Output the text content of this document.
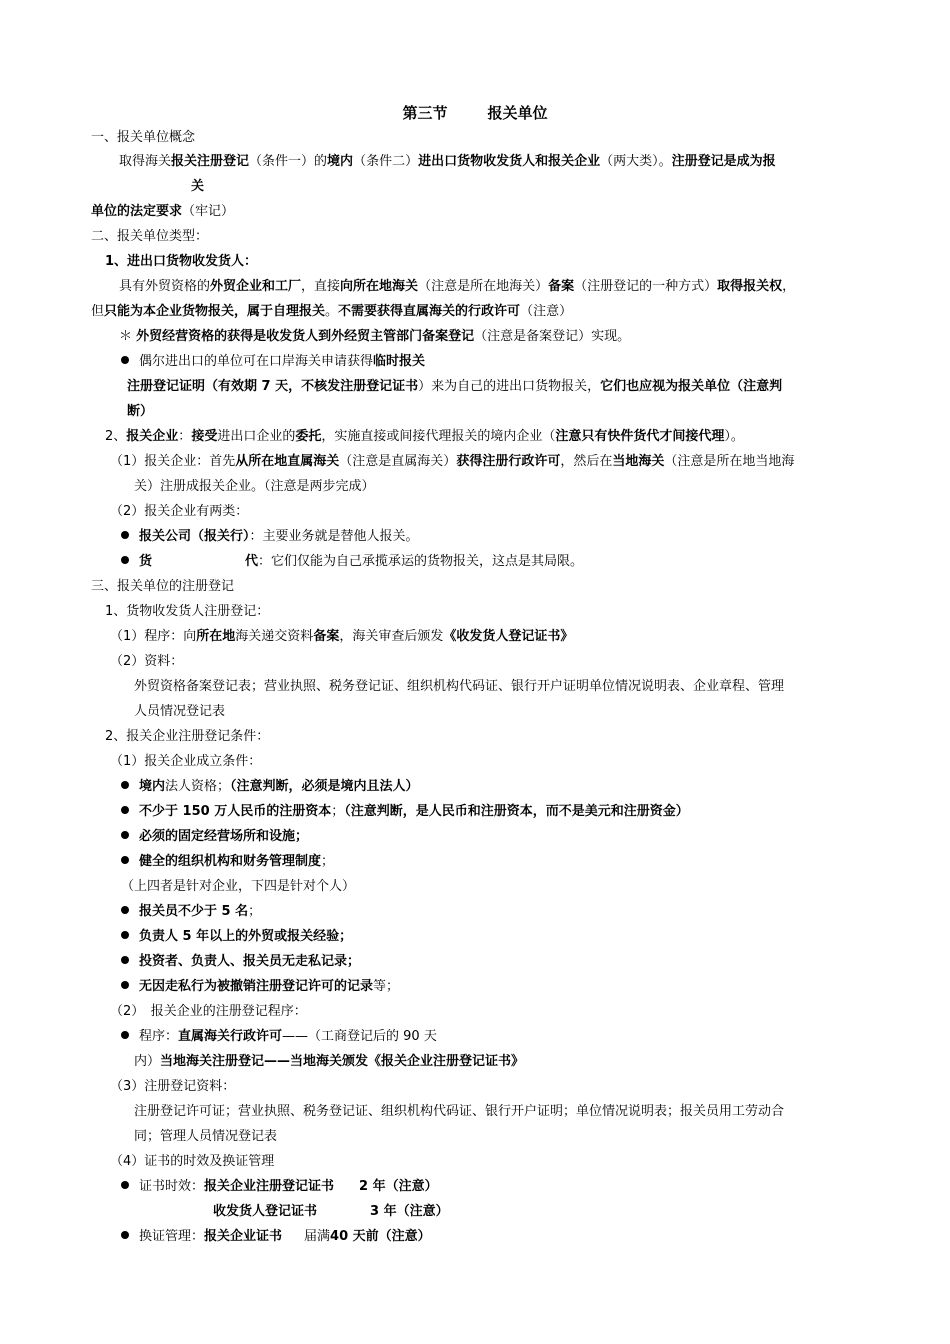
第三节	报关单位
一、报关单位概念
取得海关报关注册登记（条件一）的境内（条件二）进出口货物收发货人和报关企业（两大类）。注册登记是成为报
关
单位的法定要求（牢记）
二、报关单位类型：
1、进出口货物收发货人：
具有外贸资格的外贸企业和工厂，直接向所在地海关（注意是所在地海关）备案（注册登记的一种方式）取得报关权，
但只能为本企业货物报关，属于自理报关。不需要获得直属海关的行政许可（注意）
＊ 外贸经营资格的获得是收发货人到外经贸主管部门备案登记（注意是备案登记）实现。
偶尔进出口的单位可在口岸海关申请获得临时报关
注册登记证明（有效期 7 天，不核发注册登记证书）来为自己的进出口货物报关，它们也应视为报关单位（注意判
断）
2、报关企业：接受进出口企业的委托，实施直接或间接代理报关的境内企业（注意只有快件货代才间接代理）。
（1）报关企业：首先从所在地直属海关（注意是直属海关）获得注册行政许可，然后在当地海关（注意是所在地当地海
关）注册成报关企业。（注意是两步完成）
（2）报关企业有两类：
报关公司（报关行）：主要业务就是替他人报关。
货	代：它们仅能为自己承揽承运的货物报关，这点是其局限。
三、报关单位的注册登记
1、货物收发货人注册登记：
（1）程序：向所在地海关递交资料备案，海关审查后颁发《收发货人登记证书》
（2）资料：
外贸资格备案登记表；营业执照、税务登记证、组织机构代码证、银行开户证明单位情况说明表、企业章程、管理
人员情况登记表
2、报关企业注册登记条件：
（1）报关企业成立条件：
境内法人资格；（注意判断，必须是境内且法人）
不少于 150 万人民币的注册资本；（注意判断，是人民币和注册资本，而不是美元和注册资金）
必须的固定经营场所和设施；
健全的组织机构和财务管理制度；
（上四者是针对企业，下四是针对个人）
报关员不少于 5 名；
负责人 5 年以上的外贸或报关经验；
投资者、负责人、报关员无走私记录；
无因走私行为被撤销注册登记许可的记录等；
（2）　报关企业的注册登记程序：
程序：直属海关行政许可——（工商登记后的 90 天
内）当地海关注册登记——当地海关颁发《报关企业注册登记证书》
（3）注册登记资料：
注册登记许可证；营业执照、税务登记证、组织机构代码证、银行开户证明；单位情况说明表；报关员用工劳动合
同；管理人员情况登记表
（4）证书的时效及换证管理
证书时效：报关企业注册登记证书 2 年（注意）
收发货人登记证书	3 年（注意）
换证管理：报关企业证书 届满40 天前（注意）
